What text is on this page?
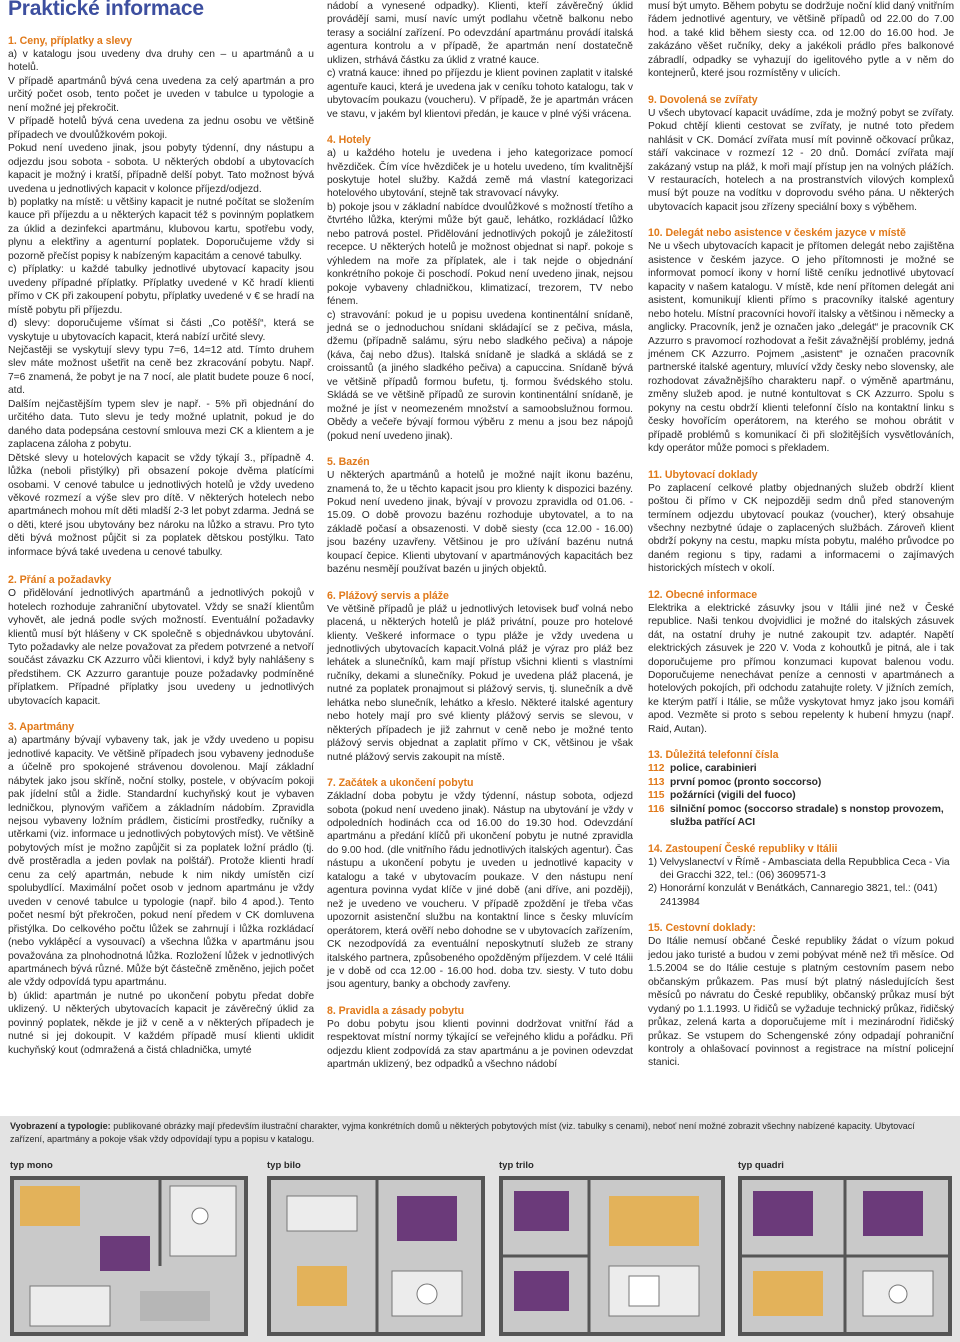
Praktické informace
1. Ceny, příplatky a slevy

a) v katalogu jsou uvedeny dva druhy cen – u apartmánů a u hotelů.

V případě apartmánů bývá cena uvedena za celý apartmán a pro určitý počet osob, tento počet je uveden v tabulce u typologie a není možné jej překročit.

V případě hotelů bývá cena uvedena za jednu osobu ve většině případech ve dvoulůžkovém pokoji.

Pokud není uvedeno jinak, jsou pobyty týdenní, dny nástupu a odjezdu jsou sobota - sobota. U některých období a ubytovacích kapacit je možný i kratší, případně delší pobyt. Tato možnost bývá uvedena u jednotlivých kapacit v kolonce příjezd/odjezd.

b) poplatky na místě: u většiny kapacit je nutné počítat se složením kauce při příjezdu a u některých kapacit též s povinným poplatkem za úklid a dezinfekci apartmánu, klubovou kartu, spotřebu vody, plynu a elektřiny a agenturní poplatek. Doporučujeme vždy si pozorně přečíst popisy k nabízeným kapacitám a cenové tabulky.

c) příplatky: u každé tabulky jednotlivé ubytovací kapacity jsou uvedeny případné příplatky. Příplatky uvedené v Kč hradí klienti přímo v CK při zakoupení pobytu, příplatky uvedené v € se hradí na místě pobytu při příjezdu.

d) slevy: doporučujeme všímat si části „Co potěší“, která se vyskytuje u ubytovacích kapacit, která nabízí určité slevy.

Nejčastěji se vyskytují slevy typu 7=6, 14=12 atd. Tímto druhem slev máte možnost ušetřit na ceně bez zkracování pobytu. Např. 7=6 znamená, že pobyt je na 7 nocí, ale platit budete pouze 6 nocí, atd.

Dalším nejčastějším typem slev je např. - 5% při objednání do určitého data. Tuto slevu je tedy možné uplatnit, pokud je do daného data podepsána cestovní smlouva mezi CK a klientem a je zaplacena záloha z pobytu.

Dětské slevy u hotelových kapacit se vždy týkají 3., případně 4. lůžka (neboli přistýlky) při obsazení pokoje dvěma platícími osobami. V cenové tabulce u jednotlivých hotelů je vždy uvedeno věkové rozmezí a výše slev pro dítě. V některých hotelech nebo apartmánech mohou mít děti mladší 2-3 let pobyt zdarma. Jedná se o děti, které jsou ubytovány bez nároku na lůžko a stravu. Pro tyto děti bývá možnost půjčit si za poplatek dětskou postýlku. Tato informace bývá také uvedena u cenové tabulky.

2. Přání a požadavky

O přidělování jednotlivých apartmánů a jednotlivých pokojů v hotelech rozhoduje zahraniční ubytovatel. Vždy se snaží klientům vyhovět, ale jedná podle svých možností. Eventuální požadavky klientů musí být hlášeny v CK společně s objednávkou ubytování. Tyto požadavky ale nelze považovat za předem potvrzené a netvoří součást závazku CK Azzurro vůči klientovi, i když byly nahlášeny s předstihem. CK Azzurro garantuje pouze požadavky podmíněné příplatkem. Případné příplatky jsou uvedeny u jednotlivých ubytovacích kapacit.

3. Apartmány

a) apartmány bývají vybaveny tak, jak je vždy uvedeno u popisu jednotlivé kapacity. Ve většině případech jsou vybaveny jednoduše a účelně pro spokojené strávenou dovolenou. Mají základní nábytek jako jsou skříně, noční stolky, postele, v obývacím pokoji pak jídelní stůl a židle. Standardní kuchyňský kout je vybaven ledničkou, plynovým vařičem a základním nádobím. Zpravidla nejsou vybaveny ložním prádlem, čisticími prostředky, ručníky a utěrkami (viz. informace u jednotlivých pobytových míst). Ve většině pobytových míst je možno zapůjčit si za poplatek ložní prádlo (tj. dvě prostěradla a jeden povlak na polštář). Protože klienti hradí cenu za celý apartmán, nebude k nim nikdy umístěn cizí spolubydlící. Maximální počet osob v jednom apartmánu je vždy uveden v cenové tabulce u typologie (např. bilo 4 apod.). Tento počet nesmí být překročen, pokud není předem v CK domluvena přistýlka. Do celkového počtu lůžek se zahrnují i lůžka rozkládací (nebo vyklápěcí a vysouvací) a všechna lůžka v apartmánu jsou považována za plnohodnotná lůžka. Rozložení lůžek v jednotlivých apartmánech bývá různé. Může být částečně změněno, jejich počet ale vždy odpovídá typu apartmánu.

b) úklid: apartmán je nutné po ukončení pobytu předat dobře uklizený. U některých ubytovacích kapacit je závěrečný úklid za povinný poplatek, někde je již v ceně a v některých případech je nutné si jej dokoupit. V každém případě musí klienti uklidit kuchyňský kout (odmražená a čistá chladnička, umyté

nádobí a vynesené odpadky). Klienti, kteří závěrečný úklid provádějí sami, musí navíc umýt podlahu včetně balkonu nebo terasy a sociální zařízení. Po odevzdání apartmánu provádí italská agentura kontrolu a v případě, že apartmán není dostatečně uklizen, strhává částku za úklid z vratné kauce.

c) vratná kauce: ihned po příjezdu je klient povinen zaplatit v italské agentuře kauci, která je uvedena jak v ceníku tohoto katalogu, tak v ubytovacím poukazu (voucheru). V případě, že je apartmán vrácen ve stavu, v jakém byl klientovi předán, je kauce v plné výši vrácena.

4. Hotely

a) u každého hotelu je uvedena i jeho kategorizace pomocí hvězdiček. Čím více hvězdiček je u hotelu uvedeno, tím kvalitnější poskytuje hotel služby. Každá země má vlastní kategorizaci hotelového ubytování, stejně tak stravovací návyky.

b) pokoje jsou v základní nabídce dvoulůžkové s možností třetího a čtvrtého lůžka, kterými může být gauč, lehátko, rozkládací lůžko nebo patrová postel. Přidělování jednotlivých pokojů je záležitostí recepce. U některých hotelů je možnost objednat si např. pokoje s výhledem na moře za příplatek, ale i tak nejde o objednání konkrétního pokoje či poschodí. Pokud není uvedeno jinak, nejsou pokoje vybaveny chladničkou, klimatizací, trezorem, TV nebo fénem.

c) stravování: pokud je u popisu uvedena kontinentální snídaně, jedná se o jednoduchou snídani skládající se z pečiva, másla, džemu (případně salámu, sýru nebo sladkého pečiva) a nápoje (káva, čaj nebo džus). Italská snídaně je sladká a skládá se z croissantů (a jiného sladkého pečiva) a capuccina. Snídaně bývá ve většině případů formou bufetu, tj. formou švédského stolu. Skládá se ve většině případů ze surovin kontinentální snídaně, je možné je jíst v neomezeném množství a samoobslužnou formou. Obědy a večeře bývají formou výběru z menu a jsou bez nápojů (pokud není uvedeno jinak).

5. Bazén

U některých apartmánů a hotelů je možné najít ikonu bazénu, znamená to, že u těchto kapacit jsou pro klienty k dispozici bazény. Pokud není uvedeno jinak, bývají v provozu zpravidla od 01.06. - 15.09. O době provozu bazénu rozhoduje ubytovatel, a to na základě počasí a obsazenosti. V době siesty (cca 12.00 - 16.00) jsou bazény uzavřeny. Většinou je pro užívání bazénu nutná koupací čepice. Klienti ubytovaní v apartmánových kapacitách bez bazénu nesmějí používat bazén u jiných objektů.

6. Plážový servis a pláže

Ve většině případů je pláž u jednotlivých letovisek buď volná nebo placená, u některých hotelů je pláž privátní, pouze pro hotelové klienty. Veškeré informace o typu pláže je vždy uvedena u jednotlivých ubytovacích kapacit.Volná pláž je výraz pro pláž bez lehátek a slunečníků, kam mají přístup všichni klienti s vlastními ručníky, dekami a slunečníky. Pokud je uvedena pláž placená, je nutné za poplatek pronajmout si plážový servis, tj. slunečník a dvě lehátka nebo slunečník, lehátko a křeslo. Některé italské agentury nebo hotely mají pro své klienty plážový servis se slevou, v některých případech je již zahrnut v ceně nebo je možné tento plážový servis objednat a zaplatit přímo v CK, většinou je však nutné plážový servis zakoupit na místě.

7. Začátek a ukončení pobytu

Základní doba pobytu je vždy týdenní, nástup sobota, odjezd sobota (pokud není uvedeno jinak). Nástup na ubytování je vždy v odpoledních hodinách cca od 16.00 do 19.30 hod. Odevzdání apartmánu a předání klíčů při ukončení pobytu je nutné zpravidla do 9.00 hod. (dle vnitřního řádu jednotlivých italských agentur). Čas nástupu a ukončení pobytu je uveden u jednotlivé kapacity v katalogu a také v ubytovacím poukaze. V den nástupu není agentura povinna vydat klíče v jiné době (ani dříve, ani později), než je uvedeno ve voucheru. V případě zpoždění je třeba včas upozornit asistenční službu na kontaktní lince s česky mluvícím operátorem, která ověří nebo dohodne se v ubytovacích zařízením, CK nezodpovídá za eventuální neposkytnutí služeb ze strany italského partnera, způsobeného opožděným příjezdem. V celé Itálii je v době od cca 12.00 - 16.00 hod. doba tzv. siesty. V tuto dobu jsou agentury, banky a obchody zavřeny.

8. Pravidla a zásady pobytu

Po dobu pobytu jsou klienti povinni dodržovat vnitřní řád a respektovat místní normy týkající se veřejného klidu a pořádku. Při odjezdu klient zodpovídá za stav apartmánu a je povinen odevzdat apartmán uklizený, bez odpadků a všechno nádobí

musí být umyto. Během pobytu se dodržuje noční klid daný vnitřním řádem jednotlivé agentury, ve většině případů od 22.00 do 7.00 hod. a také klid během siesty cca. od 12.00 do 16.00 hod. Je zakázáno věšet ručníky, deky a jakékoli prádlo přes balkonové zábradlí, odpadky se vyhazují do igelitového pytle a v něm do kontejnerů, které jsou rozmístěny v ulicích.

9. Dovolená se zvířaty

U všech ubytovací kapacit uvádíme, zda je možný pobyt se zvířaty. Pokud chtějí klienti cestovat se zvířaty, je nutné toto předem nahlásit v CK. Domácí zvířata musí mít povinně očkovací průkaz, stáří vakcinace v rozmezí 12 - 20 dnů. Domácí zvířata mají zakázaný vstup na pláž, k moři mají přístup jen na volných plážích. V restauracích, hotelech a na prostranstvích vilových komplexů musí být pouze na vodítku v doprovodu svého pána. U některých ubytovacích kapacit jsou zřízeny speciální boxy s výběhem.

10. Delegát nebo asistence v českém jazyce v místě

Ne u všech ubytovacích kapacit je přítomen delegát nebo zajištěna asistence v českém jazyce. O jeho přítomnosti je možné se informovat pomocí ikony v horní liště ceníku jednotlivé ubytovací kapacity v našem katalogu. V místě, kde není přítomen delegát ani asistent, komunikují klienti přímo s pracovníky italské agentury nebo hotelu. Místní pracovníci hovoří italsky a většinou i německy a anglicky. Pracovník, jenž je označen jako „delegát“ je pracovník CK Azzurro s pravomocí rozhodovat a řešit závažnější problémy, jedná jménem CK Azzurro. Pojmem „asistent“ je označen pracovník partnerské italské agentury, mluvící vždy česky nebo slovensky, ale rozhodovat závažnějšího charakteru např. o výměně apartmánu, změny služeb apod. je nutné kontultovat s CK Azzurro. Spolu s pokyny na cestu obdrží klienti telefonní číslo na kontaktní linku s česky hovořícím operátorem, na kterého se mohou obrátit v případě problémů s komunikací či při složitějších vysvětlováních, kdy operátor může pomoci s překladem.

11. Ubytovací doklady

Po zaplacení celkové platby objednaných služeb obdrží klient poštou či přímo v CK nejpozději sedm dnů před stanoveným termínem odjezdu ubytovací poukaz (voucher), který obsahuje všechny nezbytné údaje o zaplacených službách. Zároveň klient obdrží pokyny na cestu, mapku místa pobytu, malého průvodce po daném regionu s tipy, radami a informacemi o zajímavých historických místech v okolí.

12. Obecné informace

Elektrika a elektrické zásuvky jsou v Itálii jiné než v České republice. Naši tenkou dvojvidlici je možné do italských zásuvek dát, na ostatní druhy je nutné zakoupit tzv. adaptér. Napětí elektrických zásuvek je 220 V. Voda z kohoutků je pitná, ale i tak doporučujeme pro přímou konzumaci kupovat balenou vodu. Doporučujeme nenechávat peníze a cennosti v apartmánech a hotelových pokojích, při odchodu zatahujte rolety. V jižních zemích, ke kterým patří i Itálie, se může vyskytovat hmyz jako jsou komáři apod. Vezměte si proto s sebou repelenty k hubení hmyzu (např. Raid, Autan).

13. Důležitá telefonní čísla
112 police, carabinieri
113 první pomoc (pronto soccorso)
115 požárníci (vigili del fuoco)
116 silniční pomoc (soccorso stradale) s nonstop provozem, služba patřící ACI
14. Zastoupení České republiky v Itálii

1) Velvyslanectví v Římě - Ambasciata della Repubblica Ceca - Via dei Gracchi 322, tel.: (06) 3609571-3

2) Honorární konzulát v Benátkách, Cannaregio 3821, tel.: (041) 2413984

15. Cestovní doklady:

Do Itálie nemusí občané České republiky žádat o vízum pokud jedou jako turisté a budou v zemi pobývat méně než tři měsíce. Od 1.5.2004 se do Itálie cestuje s platným cestovním pasem nebo občanským průkazem. Pas musí být platný následujících šest měsíců po návratu do České republiky, občanský průkaz musí být vydaný po 1.1.1993. U řidičů se vyžaduje technický průkaz, řidičský průkaz, zelená karta a doporučujeme mít i mezinárodní řidičský průkaz. Se vstupem do Schengenské zóny odpadají pohraniční kontroly a ohlašovací povinnost a registrace na místní policejní stanici.

Vyobrazení a typologie: publikované obrázky mají především ilustrační charakter, vyjma konkrétních domů u některých pobytových míst (viz. tabulky s cenami), neboť není možné zobrazit všechny nabízené kapacity. Ubytovací zařízení, apartmány a pokoje však vždy odpovídají typu a popisu v katalogu.

typ mono	typ bilo	typ trilo	typ quadri
